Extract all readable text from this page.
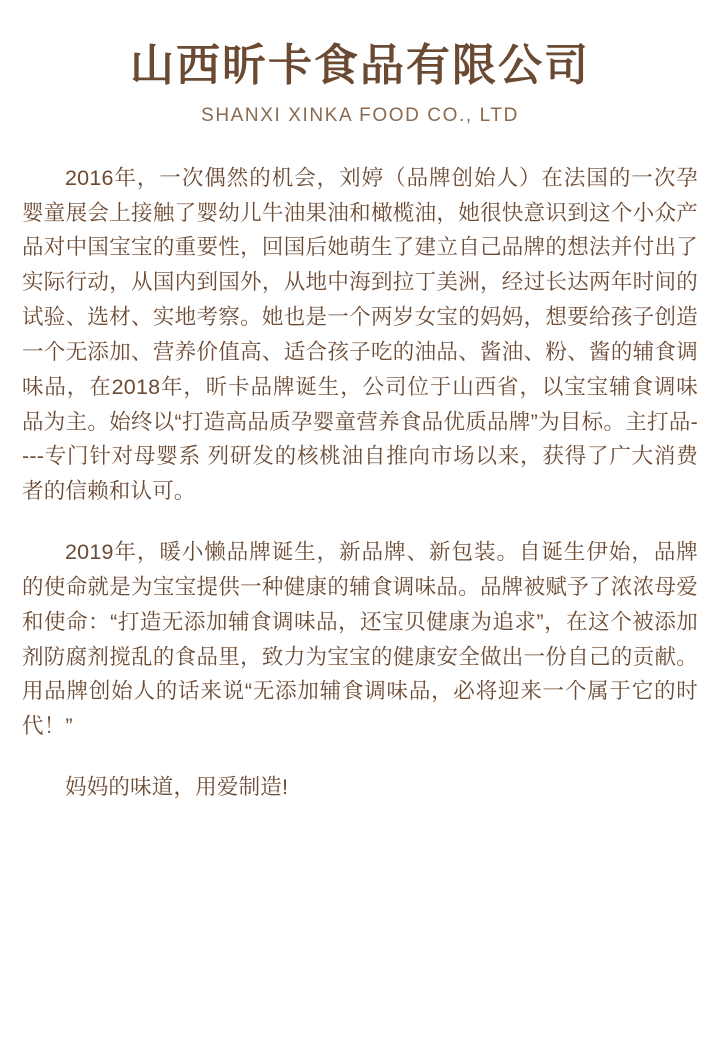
山西昕卡食品有限公司
SHANXI XINKA FOOD CO., LTD

2016年，一次偶然的机会，刘婷（品牌创始人）在法国的一次孕婴童展会上接触了婴幼儿牛油果油和橄榄油，她很快意识到这个小众产品对中国宝宝的重要性，回国后她萌生了建立自己品牌的想法并付出了实际行动，从国内到国外，从地中海到拉丁美洲，经过长达两年时间的试验、选材、实地考察。她也是一个两岁女宝的妈妈，想要给孩子创造一个无添加、营养价值高、适合孩子吃的油品、酱油、粉、酱的辅食调味品，在2018年，昕卡品牌诞生，公司位于山西省，以宝宝辅食调味品为主。始终以“打造高品质孕婴童营养食品优质品牌”为目标。主打品----专门针对母婴系 列研发的核桃油自推向市场以来，获得了广大消费者的信赖和认可。

2019年，暖小懒品牌诞生，新品牌、新包装。自诞生伊始，品牌的使命就是为宝宝提供一种健康的辅食调味品。品牌被赋予了浓浓母爱和使命：“打造无添加辅食调味品，还宝贝健康为追求”，在这个被添加剂防腐剂搅乱的食品里，致力为宝宝的健康安全做出一份自己的贡献。用品牌创始人的话来说“无添加辅食调味品，必将迎来一个属于它的时代！”

妈妈的味道，用爱制造!
